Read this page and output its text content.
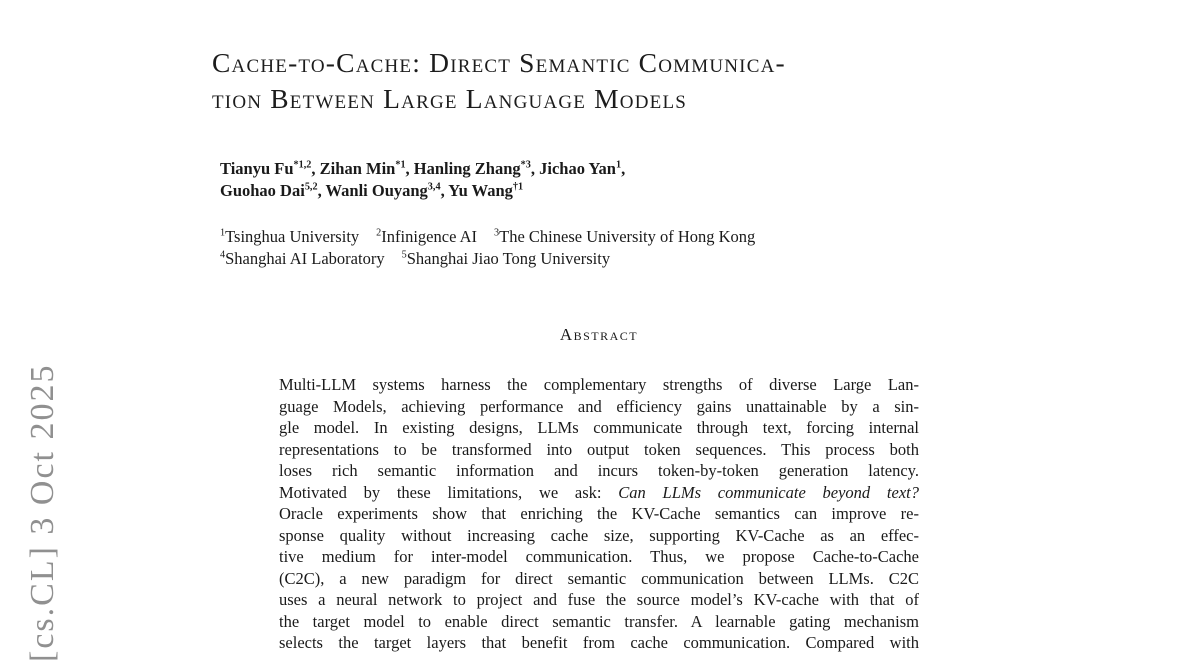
[cs.CL] 3 Oct 2025
Cache-to-Cache: Direct Semantic Communica-
tion Between Large Language Models
Tianyu Fu$^{*1,2}$, Zihan Min$^{*1}$, Hanling Zhang$^{*3}$, Jichao Yan$^1$,
Guohao Dai$^{5,2}$, Wanli Ouyang$^{3,4}$, Yu Wang$^{\dagger 1}$
$^1$Tsinghua University $^2$Infinigence AI $^3$The Chinese University of Hong Kong
$^4$Shanghai AI Laboratory $^5$Shanghai Jiao Tong University
Abstract
Multi-LLM systems harness the complementary strengths of diverse Large Lan-
guage Models, achieving performance and efficiency gains unattainable by a sin-
gle model. In existing designs, LLMs communicate through text, forcing internal
representations to be transformed into output token sequences. This process both
loses rich semantic information and incurs token-by-token generation latency.
Motivated by these limitations, we ask: Can LLMs communicate beyond text?
Oracle experiments show that enriching the KV-Cache semantics can improve re-
sponse quality without increasing cache size, supporting KV-Cache as an effec-
tive medium for inter-model communication. Thus, we propose Cache-to-Cache
(C2C), a new paradigm for direct semantic communication between LLMs. C2C
uses a neural network to project and fuse the source model’s KV-cache with that of
the target model to enable direct semantic transfer. A learnable gating mechanism
selects the target layers that benefit from cache communication. Compared with
